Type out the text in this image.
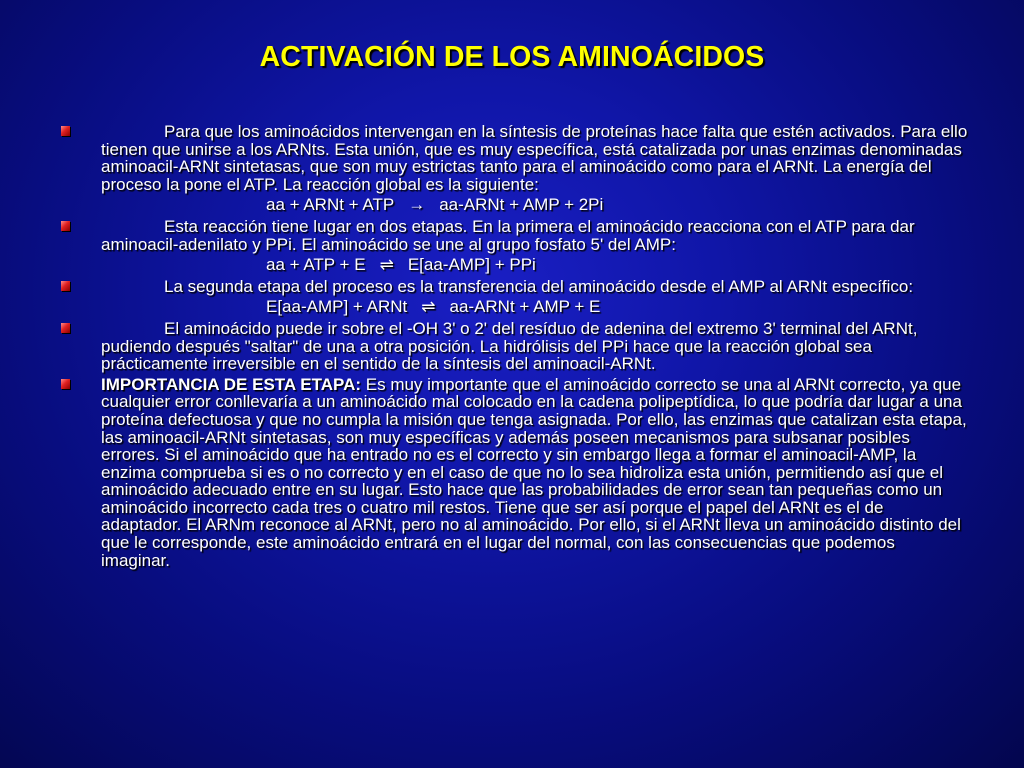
ACTIVACIÓN DE LOS AMINOÁCIDOS

Para que los aminoácidos intervengan en la síntesis de proteínas hace falta que estén activados. Para ello tienen que unirse a los ARNts. Esta unión, que es muy específica, está catalizada por unas enzimas denominadas aminoacil-ARNt sintetasas, que son muy estrictas tanto para el aminoácido como para el ARNt. La energía del proceso la pone el ATP. La reacción global es la siguiente:

aa + ARNt + ATP → aa-ARNt + AMP + 2Pi

Esta reacción tiene lugar en dos etapas. En la primera el aminoácido reacciona con el ATP para dar aminoacil-adenilato y PPi. El aminoácido se une al grupo fosfato 5' del AMP:

aa + ATP + E ⇌ E[aa-AMP] + PPi

La segunda etapa del proceso es la transferencia del aminoácido desde el AMP al ARNt específico:

E[aa-AMP] + ARNt ⇌ aa-ARNt + AMP + E

El aminoácido puede ir sobre el -OH 3' o 2' del resíduo de adenina del extremo 3' terminal del ARNt, pudiendo después "saltar" de una a otra posición. La hidrólisis del PPi hace que la reacción global sea prácticamente irreversible en el sentido de la síntesis del aminoacil-ARNt.

IMPORTANCIA DE ESTA ETAPA: Es muy importante que el aminoácido correcto se una al ARNt correcto, ya que cualquier error conllevaría a un aminoácido mal colocado en la cadena polipeptídica, lo que podría dar lugar a una proteína defectuosa y que no cumpla la misión que tenga asignada. Por ello, las enzimas que catalizan esta etapa, las aminoacil-ARNt sintetasas, son muy específicas y además poseen mecanismos para subsanar posibles errores. Si el aminoácido que ha entrado no es el correcto y sin embargo llega a formar el aminoacil-AMP, la enzima comprueba si es o no correcto y en el caso de que no lo sea hidroliza esta unión, permitiendo así que el aminoácido adecuado entre en su lugar. Esto hace que las probabilidades de error sean tan pequeñas como un aminoácido incorrecto cada tres o cuatro mil restos. Tiene que ser así porque el papel del ARNt es el de adaptador. El ARNm reconoce al ARNt, pero no al aminoácido. Por ello, si el ARNt lleva un aminoácido distinto del que le corresponde, este aminoácido entrará en el lugar del normal, con las consecuencias que podemos imaginar.
